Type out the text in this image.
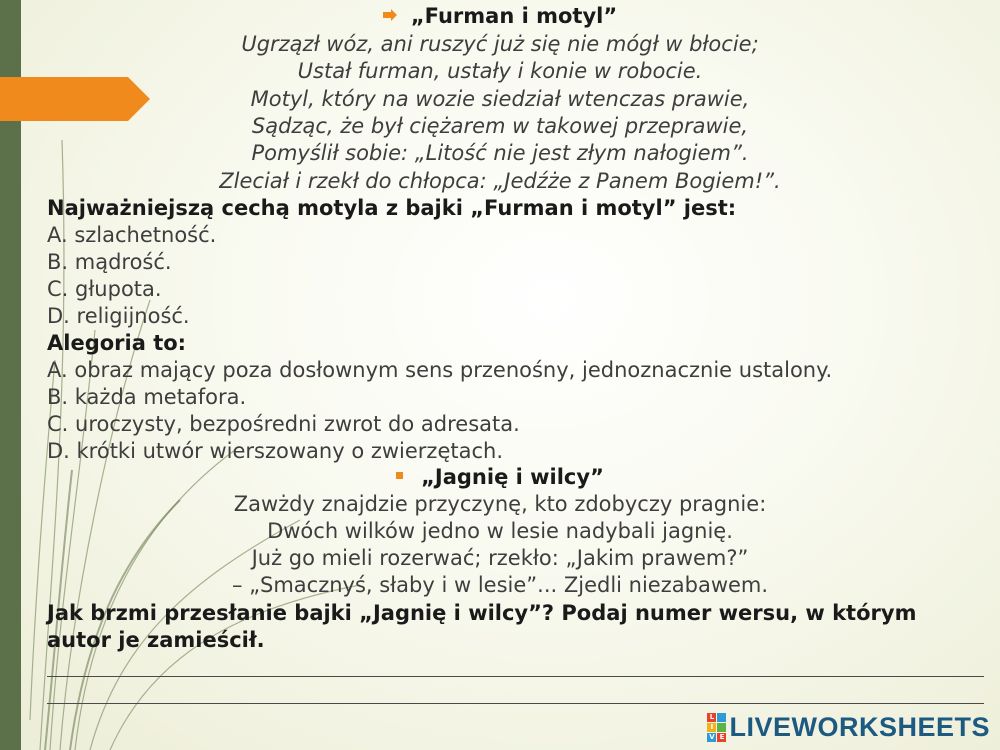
„Furman i motyl”
Ugrzązł wóz, ani ruszyć już się nie mógł w błocie;
Ustał furman, ustały i konie w robocie.
Motyl, który na wozie siedział wtenczas prawie,
Sądząc, że był ciężarem w takowej przeprawie,
Pomyślił sobie: „Litość nie jest złym nałogiem”.
Zleciał i rzekł do chłopca: „Jedźże z Panem Bogiem!”.
Najważniejszą cechą motyla z bajki „Furman i motyl” jest:
A. szlachetność.
B. mądrość.
C. głupota.
D. religijność.
Alegoria to:
A. obraz mający poza dosłownym sens przenośny, jednoznacznie ustalony.
B. każda metafora.
C. uroczysty, bezpośredni zwrot do adresata.
D. krótki utwór wierszowany o zwierzętach.
„Jagnię i wilcy”
Zawżdy znajdzie przyczynę, kto zdobyczy pragnie:
Dwóch wilków jedno w lesie nadybali jagnię.
Już go mieli rozerwać; rzekło: „Jakim prawem?”
– „Smacznyś, słaby i w lesie”... Zjedli niezabawem.
Jak brzmi przesłanie bajki „Jagnię i wilcy”? Podaj numer wersu, w którym
autor je zamieścił.
L
I
V E LIVEWORKSHEETS
